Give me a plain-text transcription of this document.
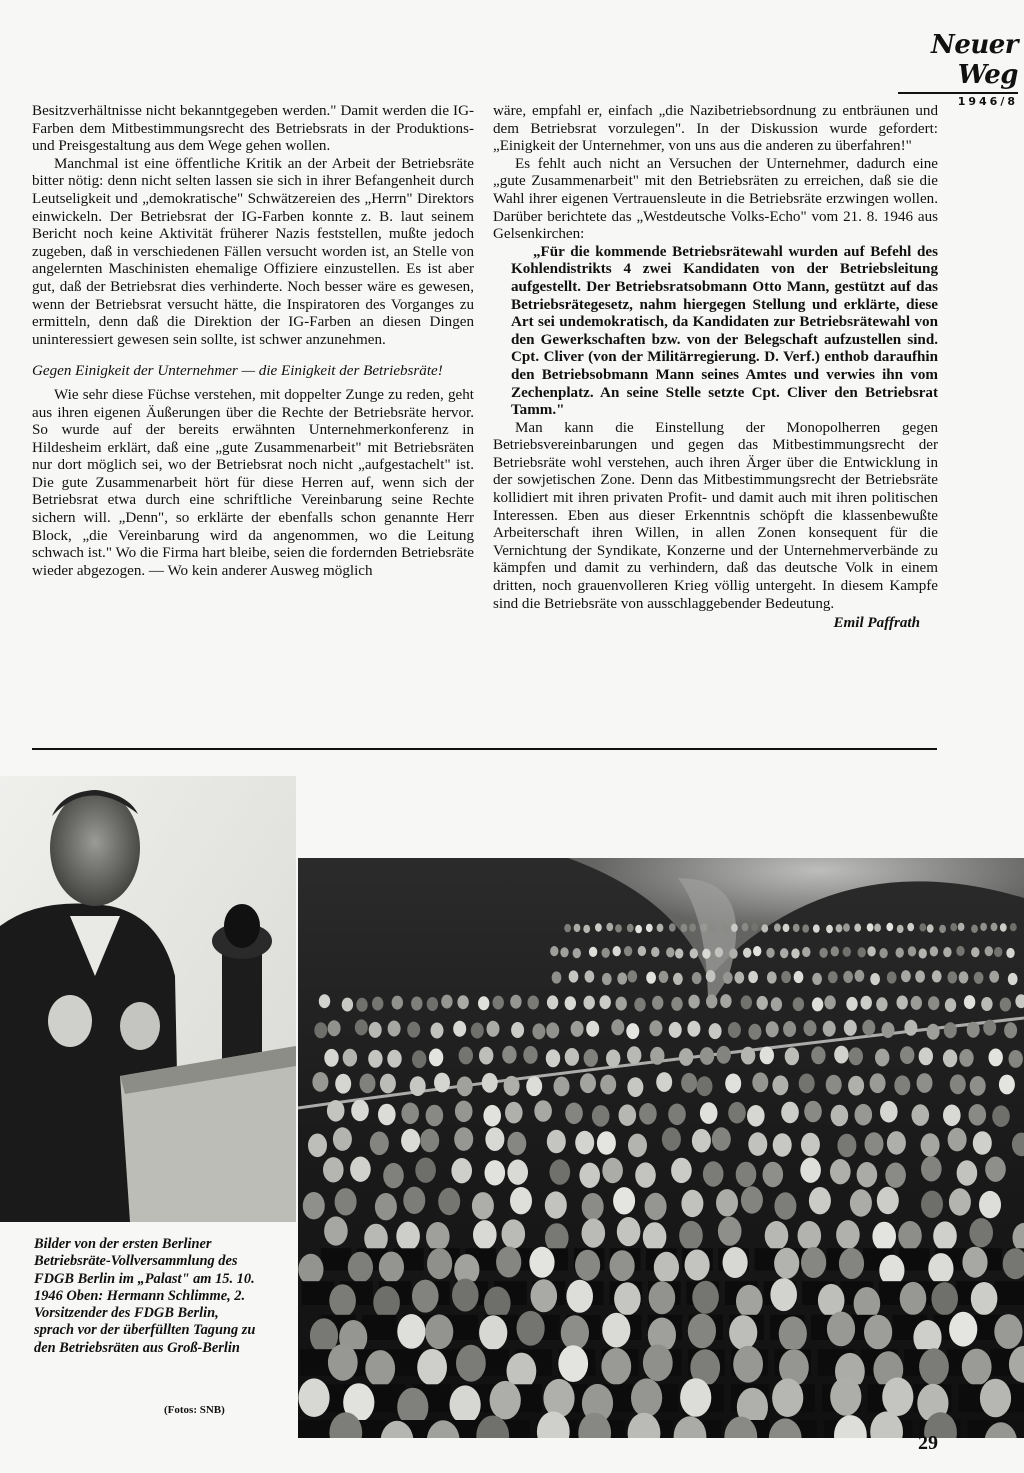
Neuer Weg
1946/8

Besitzverhältnisse nicht bekanntgegeben werden." Damit werden die IG-Farben dem Mitbestimmungsrecht des Betriebsrats in der Produktions- und Preisgestaltung aus dem Wege gehen wollen.

Manchmal ist eine öffentliche Kritik an der Arbeit der Betriebsräte bitter nötig: denn nicht selten lassen sie sich in ihrer Befangenheit durch Leutseligkeit und „demokratische" Schwätzereien des „Herrn" Direktors einwickeln. Der Betriebsrat der IG-Farben konnte z. B. laut seinem Bericht noch keine Aktivität früherer Nazis feststellen, mußte jedoch zugeben, daß in verschiedenen Fällen versucht worden ist, an Stelle von angelernten Maschinisten ehemalige Offiziere einzustellen. Es ist aber gut, daß der Betriebsrat dies verhinderte. Noch besser wäre es gewesen, wenn der Betriebsrat versucht hätte, die Inspiratoren des Vorganges zu ermitteln, denn daß die Direktion der IG-Farben an diesen Dingen uninteressiert gewesen sein sollte, ist schwer anzunehmen.

Gegen Einigkeit der Unternehmer — die Einigkeit der Betriebsräte!

Wie sehr diese Füchse verstehen, mit doppelter Zunge zu reden, geht aus ihren eigenen Äußerungen über die Rechte der Betriebsräte hervor. So wurde auf der bereits erwähnten Unternehmerkonferenz in Hildesheim erklärt, daß eine „gute Zusammenarbeit" mit Betriebsräten nur dort möglich sei, wo der Betriebsrat noch nicht „aufgestachelt" ist. Die gute Zusammenarbeit hört für diese Herren auf, wenn sich der Betriebsrat etwa durch eine schriftliche Vereinbarung seine Rechte sichern will. „Denn", so erklärte der ebenfalls schon genannte Herr Block, „die Vereinbarung wird da angenommen, wo die Leitung schwach ist." Wo die Firma hart bleibe, seien die fordernden Betriebsräte wieder abgezogen. — Wo kein anderer Ausweg möglich

wäre, empfahl er, einfach „die Nazibetriebsordnung zu entbräunen und dem Betriebsrat vorzulegen". In der Diskussion wurde gefordert: „Einigkeit der Unternehmer, von uns aus die anderen zu überfahren!"

Es fehlt auch nicht an Versuchen der Unternehmer, dadurch eine „gute Zusammenarbeit" mit den Betriebsräten zu erreichen, daß sie die Wahl ihrer eigenen Vertrauensleute in die Betriebsräte erzwingen wollen. Darüber berichtete das „Westdeutsche Volks-Echo" vom 21. 8. 1946 aus Gelsenkirchen:

„Für die kommende Betriebsrätewahl wurden auf Befehl des Kohlendistrikts 4 zwei Kandidaten von der Betriebsleitung aufgestellt. Der Betriebsratsobmann Otto Mann, gestützt auf das Betriebsrätegesetz, nahm hiergegen Stellung und erklärte, diese Art sei undemokratisch, da Kandidaten zur Betriebsrätewahl von den Gewerkschaften bzw. von der Belegschaft aufzustellen sind. Cpt. Cliver (von der Militärregierung. D. Verf.) enthob daraufhin den Betriebsobmann Mann seines Amtes und verwies ihn vom Zechenplatz. An seine Stelle setzte Cpt. Cliver den Betriebsrat Tamm."

Man kann die Einstellung der Monopolherren gegen Betriebsvereinbarungen und gegen das Mitbestimmungsrecht der Betriebsräte wohl verstehen, auch ihren Ärger über die Entwicklung in der sowjetischen Zone. Denn das Mitbestimmungsrecht der Betriebsräte kollidiert mit ihren privaten Profit- und damit auch mit ihren politischen Interessen. Eben aus dieser Erkenntnis schöpft die klassenbewußte Arbeiterschaft ihren Willen, in allen Zonen konsequent für die Vernichtung der Syndikate, Konzerne und der Unternehmerverbände zu kämpfen und damit zu verhindern, daß das deutsche Volk in einem dritten, noch grauenvolleren Krieg völlig untergeht. In diesem Kampfe sind die Betriebsräte von ausschlaggebender Bedeutung.

Emil Paffrath
Bilder von der ersten Berliner Betriebsräte-Vollversammlung des FDGB Berlin im „Palast" am 15. 10. 1946 Oben: Hermann Schlimme, 2. Vorsitzender des FDGB Berlin, sprach vor der überfüllten Tagung zu den Betriebsräten aus Groß-Berlin
(Fotos: SNB)
29
